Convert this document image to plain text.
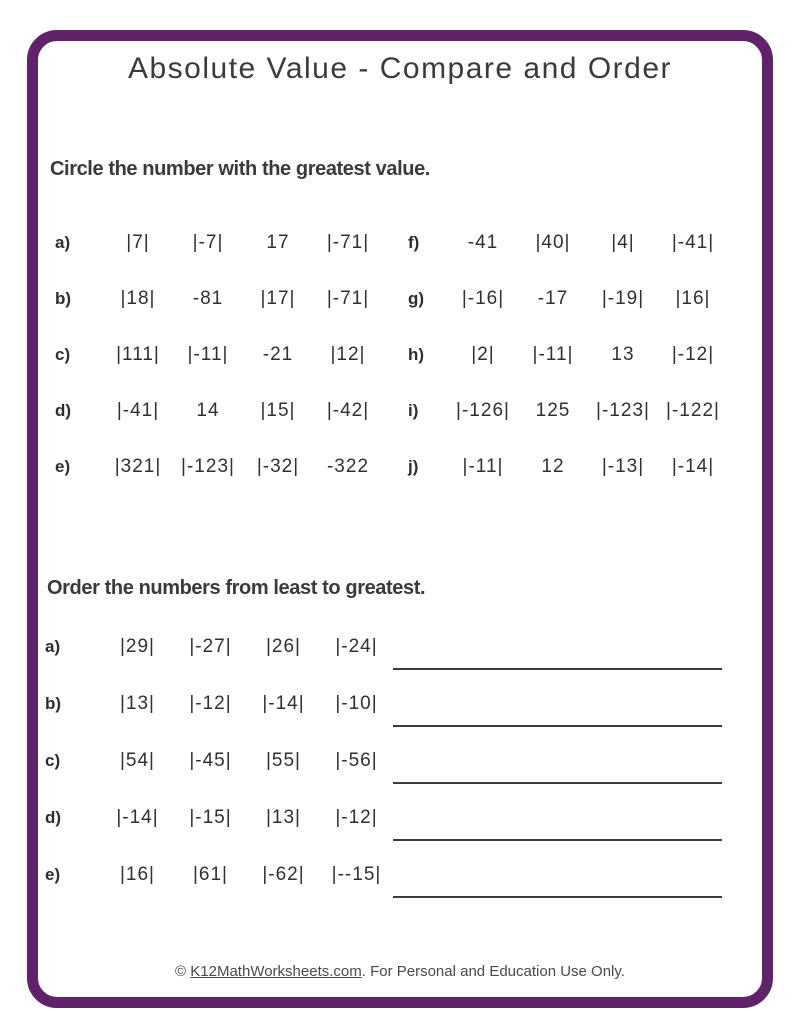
Absolute Value - Compare and Order
Circle the number with the greatest value.
a)	|7|	|-7|	17	|-71|
b)	|18|	-81	|17|	|-71|
c)	|111|	|-11|	-21	|12|
d)	|-41|	14	|15|	|-42|
e)	|321|	|-123|	|-32|	-322
f)	-41	|40|	|4|	|-41|
g)	|-16|	-17	|-19|	|16|
h)	|2|	|-11|	13	|-12|
i)	|-126|	125	|-123| |-122|
j)	|-11|	12	|-13|	|-14|
Order the numbers from least to greatest.
a)	|29|	|-27|	|26|	|-24|
b)	|13|	|-12|	|-14|	|-10|
c)	|54|	|-45|	|55|	|-56|
d)	|-14|	|-15|	|13|	|-12|
e)	|16|	|61|	|-62|	|--15|
© K12MathWorksheets.com. For Personal and Education Use Only.
